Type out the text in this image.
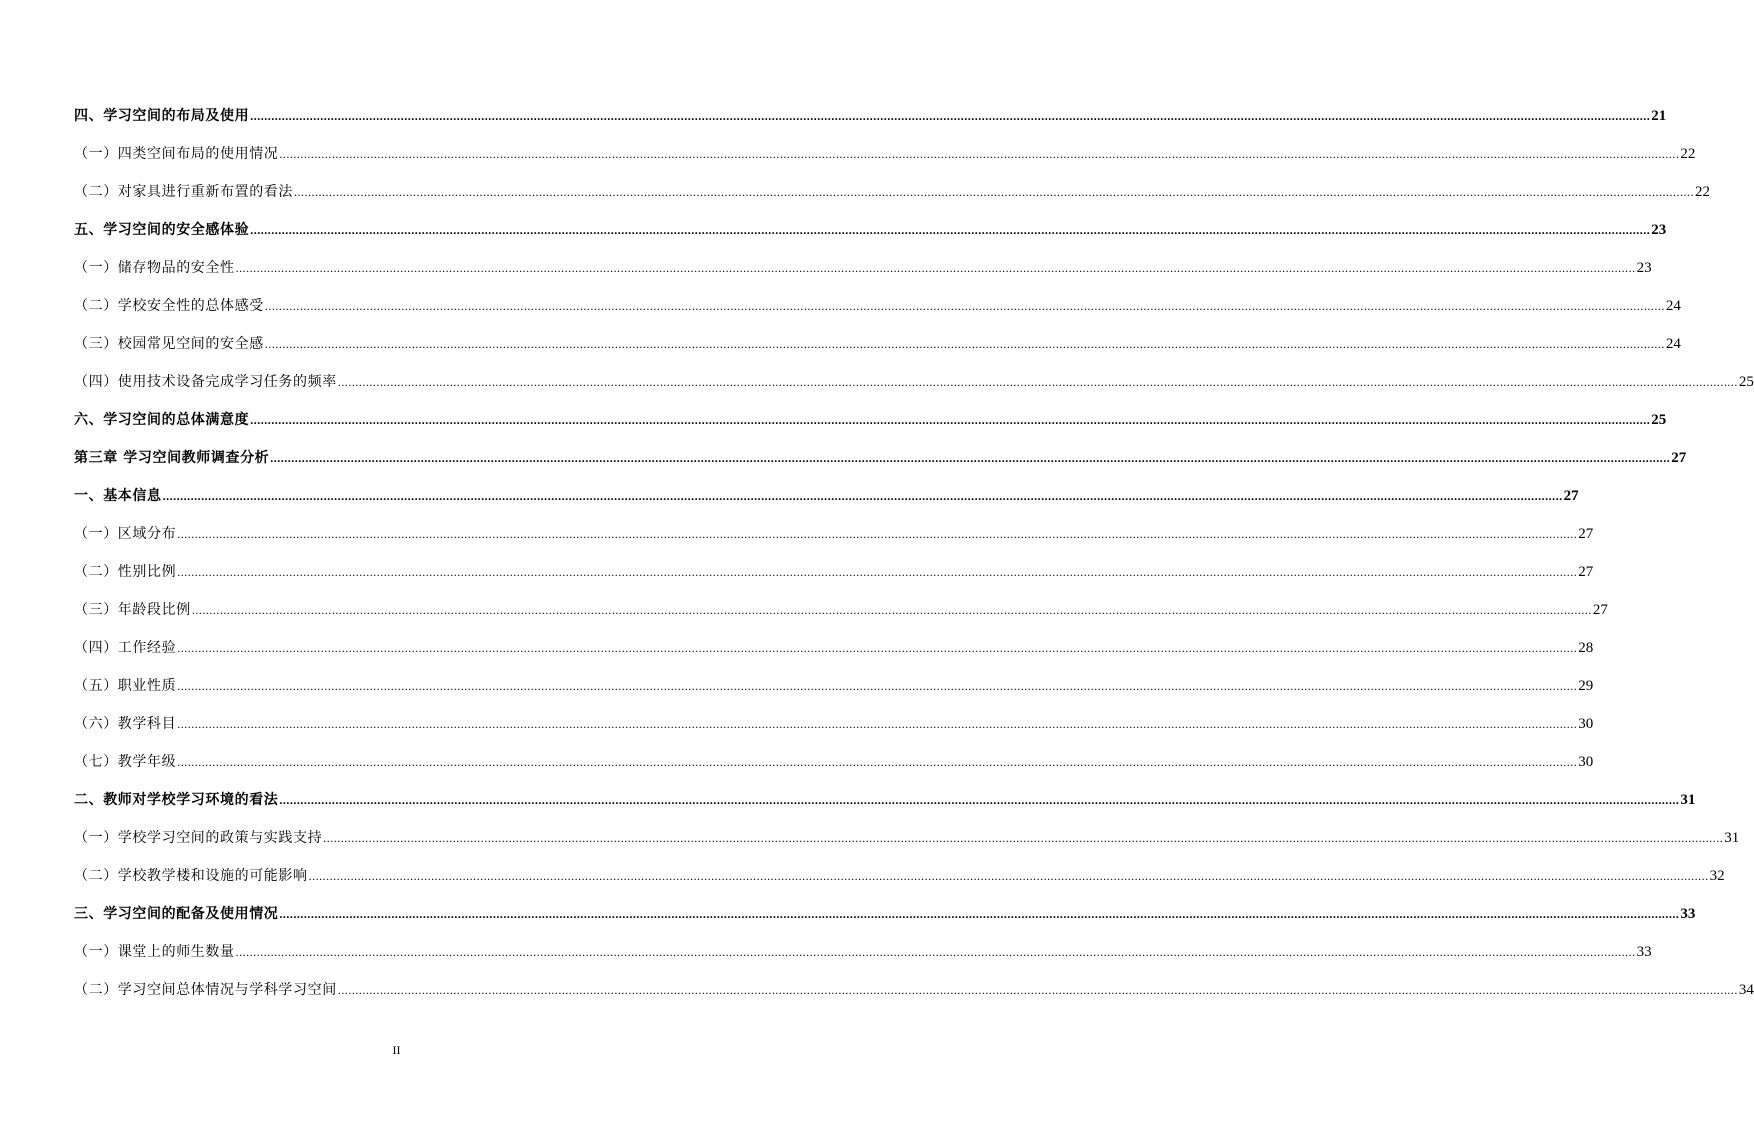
四、学习空间的布局及使用 ................................................................................................................................................................................................................................................................................................................................................................................................................ 21
（一）四类空间布局的使用情况 ................................................................................................................................................................................................................................................................................................................................................................................................................ 22
（二）对家具进行重新布置的看法 ................................................................................................................................................................................................................................................................................................................................................................................................................ 22
五、学习空间的安全感体验 ................................................................................................................................................................................................................................................................................................................................................................................................................ 23
（一）储存物品的安全性 ................................................................................................................................................................................................................................................................................................................................................................................................................ 23
（二）学校安全性的总体感受 ................................................................................................................................................................................................................................................................................................................................................................................................................ 24
（三）校园常见空间的安全感 ................................................................................................................................................................................................................................................................................................................................................................................................................ 24
（四）使用技术设备完成学习任务的频率 ................................................................................................................................................................................................................................................................................................................................................................................................................ 25
六、学习空间的总体满意度 ................................................................................................................................................................................................................................................................................................................................................................................................................ 25
第三章 学习空间教师调查分析 ................................................................................................................................................................................................................................................................................................................................................................................................................ 27
一、基本信息 ................................................................................................................................................................................................................................................................................................................................................................................................................ 27
（一）区域分布 ................................................................................................................................................................................................................................................................................................................................................................................................................ 27
（二）性别比例 ................................................................................................................................................................................................................................................................................................................................................................................................................ 27
（三）年龄段比例 ................................................................................................................................................................................................................................................................................................................................................................................................................ 27
（四）工作经验 ................................................................................................................................................................................................................................................................................................................................................................................................................ 28
（五）职业性质 ................................................................................................................................................................................................................................................................................................................................................................................................................ 29
（六）教学科目 ................................................................................................................................................................................................................................................................................................................................................................................................................ 30
（七）教学年级 ................................................................................................................................................................................................................................................................................................................................................................................................................ 30
二、教师对学校学习环境的看法 ................................................................................................................................................................................................................................................................................................................................................................................................................ 31
（一）学校学习空间的政策与实践支持 ................................................................................................................................................................................................................................................................................................................................................................................................................ 31
（二）学校教学楼和设施的可能影响 ................................................................................................................................................................................................................................................................................................................................................................................................................ 32
三、学习空间的配备及使用情况 ................................................................................................................................................................................................................................................................................................................................................................................................................ 33
（一）课堂上的师生数量 ................................................................................................................................................................................................................................................................................................................................................................................................................ 33
（二）学习空间总体情况与学科学习空间 ................................................................................................................................................................................................................................................................................................................................................................................................................ 34
II
